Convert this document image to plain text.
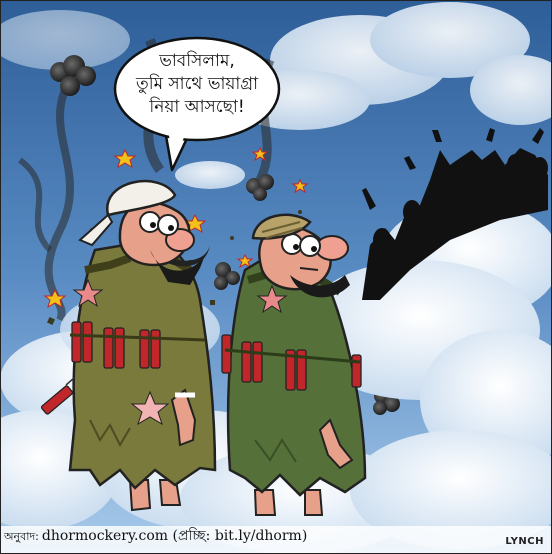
ভাবসিলাম,
তুমি সাথে ভায়াগ্রা
নিয়া আসছো!
অনুবাদ: dhormockery.com (প্রচ্ছি: bit.ly/dhorm)	LYNCH
